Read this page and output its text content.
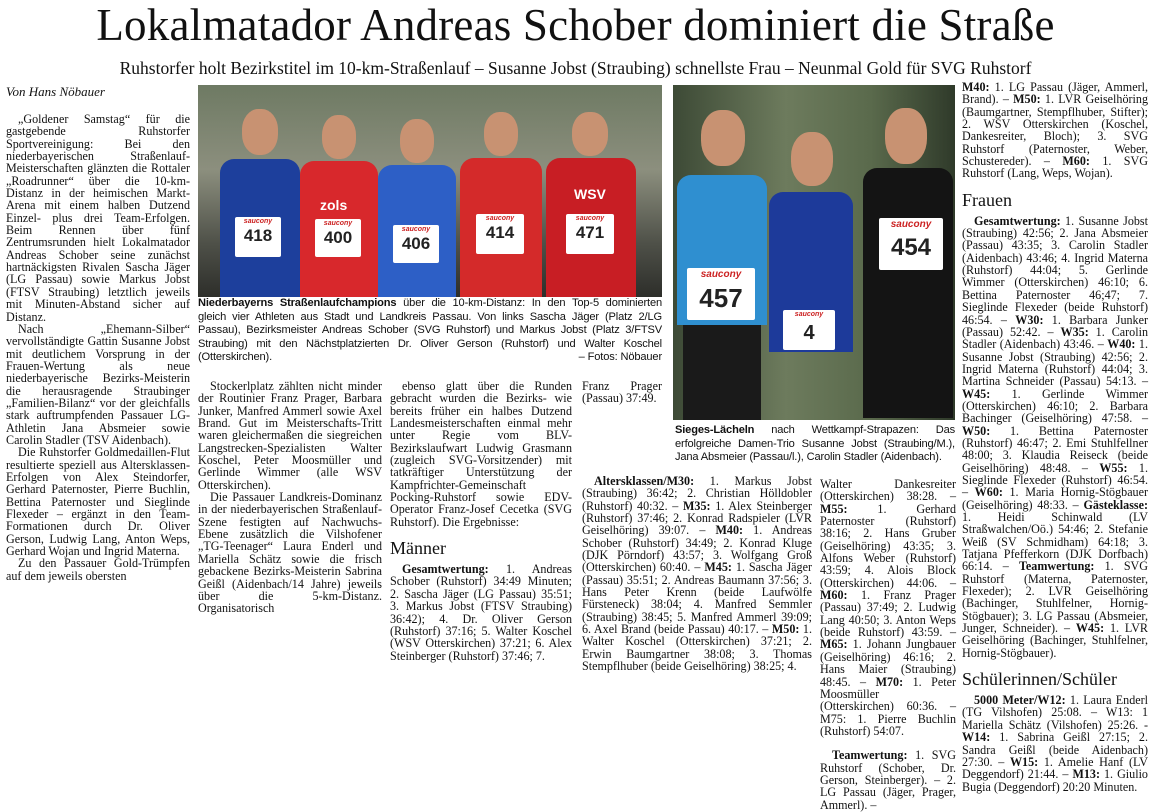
Lokalmatador Andreas Schober dominiert die Straße
Ruhstorfer holt Bezirkstitel im 10-km-Straßenlauf – Susanne Jobst (Straubing) schnellste Frau – Neunmal Gold für SVG Ruhstorf
Von Hans Nöbauer

„Goldener Samstag“ für die gastgebende Ruhstorfer Sportvereinigung: Bei den niederbayerischen Straßenlauf-Meisterschaften glänzten die Rottaler „Roadrunner“ über die 10-km-Distanz in der heimischen Markt-Arena mit einem halben Dutzend Einzel- plus drei Team-Erfolgen. Beim Rennen über fünf Zentrumsrunden hielt Lokalmatador Andreas Schober seine zunächst hartnäckigsten Rivalen Sascha Jäger (LG Passau) sowie Markus Jobst (FTSV Straubing) letztlich jeweils mit Minuten-Abstand sicher auf Distanz.

Nach „Ehemann-Silber“ vervollständigte Gattin Susanne Jobst mit deutlichem Vorsprung in der Frauen-Wertung als neue niederbayerische Bezirks-Meisterin die herausragende Straubinger „Familien-Bilanz“ vor der gleichfalls stark auftrumpfenden Passauer LG-Athletin Jana Absmeier sowie Carolin Stadler (TSV Aidenbach).

Die Ruhstorfer Goldmedaillen-Flut resultierte speziell aus Altersklassen-Erfolgen von Alex Steindorfer, Gerhard Paternoster, Pierre Buchlin, Bettina Paternoster und Sieglinde Flexeder – ergänzt in den Team-Formationen durch Dr. Oliver Gerson, Ludwig Lang, Anton Weps, Gerhard Wojan und Ingrid Materna.

Zu den Passauer Gold-Trümpfen auf dem jeweils obersten

saucony
418
zols
saucony
400	saucony
406
saucony
414
WSV
saucony
471
Niederbayerns Straßenlaufchampions über die 10-km-Distanz: In den Top-5 dominierten gleich vier Athleten aus Stadt und Landkreis Passau. Von links Sascha Jäger (Platz 2/LG Passau), Bezirksmeister Andreas Schober (SVG Ruhstorf) und Markus Jobst (Platz 3/FTSV Straubing) mit den Nächstplatzierten Dr. Oliver Gerson (Ruhstorf) und Walter Koschel (Otterskirchen).	– Fotos: Nöbauer
saucony
457
saucony
4
saucony
454
Sieges-Lächeln nach Wettkampf-Strapazen: Das erfolgreiche Damen-Trio Susanne Jobst (Straubing/M.), Jana Absmeier (Passau/l.), Carolin Stadler (Aidenbach).

Stockerlplatz zählten nicht minder der Routinier Franz Prager, Barbara Junker, Manfred Ammerl sowie Axel Brand. Gut im Meisterschafts-Tritt waren gleichermaßen die siegreichen Langstrecken-Spezialisten Walter Koschel, Peter Moosmüller und Gerlinde Wimmer (alle WSV Otterskirchen).

Die Passauer Landkreis-Dominanz in der niederbayerischen Straßenlauf-Szene festigten auf Nachwuchs-Ebene zusätzlich die Vilshofener „TG-Teenager“ Laura Enderl und Mariella Schätz sowie die frisch gebackene Bezirks-Meisterin Sabrina Geißl (Aidenbach/14 Jahre) jeweils über die 5-km-Distanz. Organisatorisch

ebenso glatt über die Runden gebracht wurden die Bezirks- wie bereits früher ein halbes Dutzend Landesmeisterschaften einmal mehr unter Regie vom BLV-Bezirkslaufwart Ludwig Grasmann (zugleich SVG-Vorsitzender) mit tatkräftiger Unterstützung der Kampfrichter-Gemeinschaft Pocking-Ruhstorf sowie EDV-Operator Franz-Josef Cecetka (SVG Ruhstorf). Die Ergebnisse:

Männer

Gesamtwertung: 1. Andreas Schober (Ruhstorf) 34:49 Minuten; 2. Sascha Jäger (LG Passau) 35:51; 3. Markus Jobst (FTSV Straubing) 36:42); 4. Dr. Oliver Gerson (Ruhstorf) 37:16; 5. Walter Koschel (WSV Otterskirchen) 37:21; 6. Alex Steinberger (Ruhstorf) 37:46; 7.

Franz Prager (Passau) 37:49.

Altersklassen/M30: 1. Markus Jobst (Straubing) 36:42; 2. Christian Hölldobler (Ruhstorf) 40:32. – M35: 1. Alex Steinberger (Ruhstorf) 37:46; 2. Konrad Radspieler (LVR Geiselhöring) 39:07. – M40: 1. Andreas Schober (Ruhstorf) 34:49; 2. Konrad Kluge (DJK Pörndorf) 43:57; 3. Wolfgang Groß (Otterskirchen) 60:40. – M45: 1. Sascha Jäger (Passau) 35:51; 2. Andreas Baumann 37:56; 3. Hans Peter Krenn (beide Laufwölfe Fürsteneck) 38:04; 4. Manfred Semmler (Straubing) 38:45; 5. Manfred Ammerl 39:09; 6. Axel Brand (beide Passau) 40:17. – M50: 1. Walter Koschel (Otterskirchen) 37:21; 2. Erwin Baumgartner 38:08; 3. Thomas Stempflhuber (beide Geiselhöring) 38:25; 4.

Walter Dankesreiter (Otterskirchen) 38:28. – M55: 1. Gerhard Paternoster (Ruhstorf) 38:16; 2. Hans Gruber (Geiselhöring) 43:35; 3. Alfons Weber (Ruhstorf) 43:59; 4. Alois Block (Otterskirchen) 44:06. – M60: 1. Franz Prager (Passau) 37:49; 2. Ludwig Lang 40:50; 3. Anton Weps (beide Ruhstorf) 43:59. – M65: 1. Johann Jungbauer (Geiselhöring) 46:16; 2. Hans Maier (Straubing) 48:45. – M70: 1. Peter Moosmüller (Otterskirchen) 60:36. – M75: 1. Pierre Buchlin (Ruhstorf) 54:07.

Teamwertung: 1. SVG Ruhstorf (Schober, Dr. Gerson, Steinberger). – 2. LG Passau (Jäger, Prager, Ammerl). –

M40: 1. LG Passau (Jäger, Ammerl, Brand). – M50: 1. LVR Geiselhöring (Baumgartner, Stempflhuber, Stifter); 2. WSV Otterskirchen (Koschel, Dankesreiter, Bloch); 3. SVG Ruhstorf (Paternoster, Weber, Schustereder). – M60: 1. SVG Ruhstorf (Lang, Weps, Wojan).

Frauen

Gesamtwertung: 1. Susanne Jobst (Straubing) 42:56; 2. Jana Absmeier (Passau) 43:35; 3. Carolin Stadler (Aidenbach) 43:46; 4. Ingrid Materna (Ruhstorf) 44:04; 5. Gerlinde Wimmer (Otterskirchen) 46:10; 6. Bettina Paternoster 46;47; 7. Sieglinde Flexeder (beide Ruhstorf) 46:54. – W30: 1. Barbara Junker (Passau) 52:42. – W35: 1. Carolin Stadler (Aidenbach) 43:46. – W40: 1. Susanne Jobst (Straubing) 42:56; 2. Ingrid Materna (Ruhstorf) 44:04; 3. Martina Schneider (Passau) 54:13. – W45: 1. Gerlinde Wimmer (Otterskirchen) 46:10; 2. Barbara Bachinger (Geiselhöring) 47:58. – W50: 1. Bettina Paternoster (Ruhstorf) 46:47; 2. Emi Stuhlfellner 48:00; 3. Klaudia Reiseck (beide Geiselhöring) 48:48. – W55: 1. Sieglinde Flexeder (Ruhstorf) 46:54. – W60: 1. Maria Hornig-Stögbauer (Geiselhöring) 48:33. – Gästeklasse: 1. Heidi Schinwald (LV Straßwalchen/Oö.) 54:46; 2. Stefanie Weiß (SV Schmidham) 64:18; 3. Tatjana Pfefferkorn (DJK Dorfbach) 66:14. – Teamwertung: 1. SVG Ruhstorf (Materna, Paternoster, Flexeder); 2. LVR Geiselhöring (Bachinger, Stuhlfelner, Hornig-Stögbauer); 3. LG Passau (Absmeier, Junger, Schneider). – W45: 1. LVR Geiselhöring (Bachinger, Stuhlfelner, Hornig-Stögbauer).

Schülerinnen/Schüler

5000 Meter/W12: 1. Laura Enderl (TG Vilshofen) 25:08. – W13: 1 Mariella Schätz (Vilshofen) 25:26. - W14: 1. Sabrina Geißl 27:15; 2. Sandra Geißl (beide Aidenbach) 27:30. – W15: 1. Amelie Hanf (LV Deggendorf) 21:44. – M13: 1. Giulio Bugia (Deggendorf) 20:20 Minuten.
